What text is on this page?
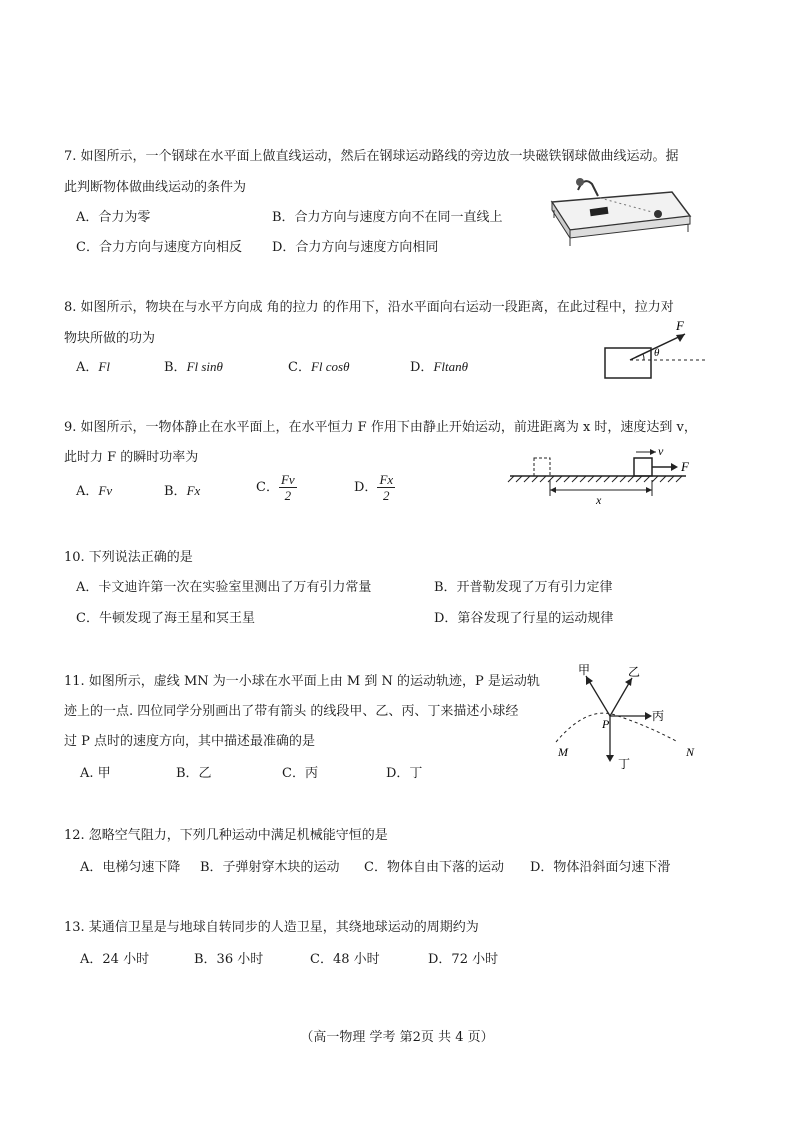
7. 如图所示，一个钢球在水平面上做直线运动，然后在钢球运动路线的旁边放一块磁铁钢球做曲线运动。据
此判断物体做曲线运动的条件为
A．合力为零	B．合力方向与速度方向不在同一直线上
C．合力方向与速度方向相反 D．合力方向与速度方向相同
8. 如图所示，物块在与水平方向成 角的拉力 的作用下，沿水平面向右运动一段距离，在此过程中，拉力对
物块所做的功为
A．Fl	B．Fl sinθ	C．Fl cosθ	D．Fltanθ
F
θ
9. 如图所示，一物体静止在水平面上，在水平恒力 F 作用下由静止开始运动，前进距离为 x 时，速度达到 v，
此时力 F 的瞬时功率为
A．Fv	B．Fx	C． $\frac{Fv}{2}$	D． $\frac{Fx}{2}$
v
F
x
10. 下列说法正确的是
A．卡文迪许第一次在实验室里测出了万有引力常量	B．开普勒发现了万有引力定律
C．牛顿发现了海王星和冥王星	D．第谷发现了行星的运动规律
11. 如图所示，虚线 MN 为一小球在水平面上由 M 到 N 的运动轨迹，P 是运动轨
迹上的一点. 四位同学分别画出了带有箭头 的线段甲、乙、丙、丁来描述小球经
过 P 点时的速度方向，其中描述最准确的是
A. 甲	B．乙	C．丙	D．丁
甲	乙
丙
丁
P
M	N
12. 忽略空气阻力，下列几种运动中满足机械能守恒的是
A．电梯匀速下降 B．子弹射穿木块的运动 C．物体自由下落的运动 D．物体沿斜面匀速下滑
13. 某通信卫星是与地球自转同步的人造卫星，其绕地球运动的周期约为
A．24 小时	B．36 小时	C．48 小时	D．72 小时
（高一物理 学考 第2页 共 4 页）
